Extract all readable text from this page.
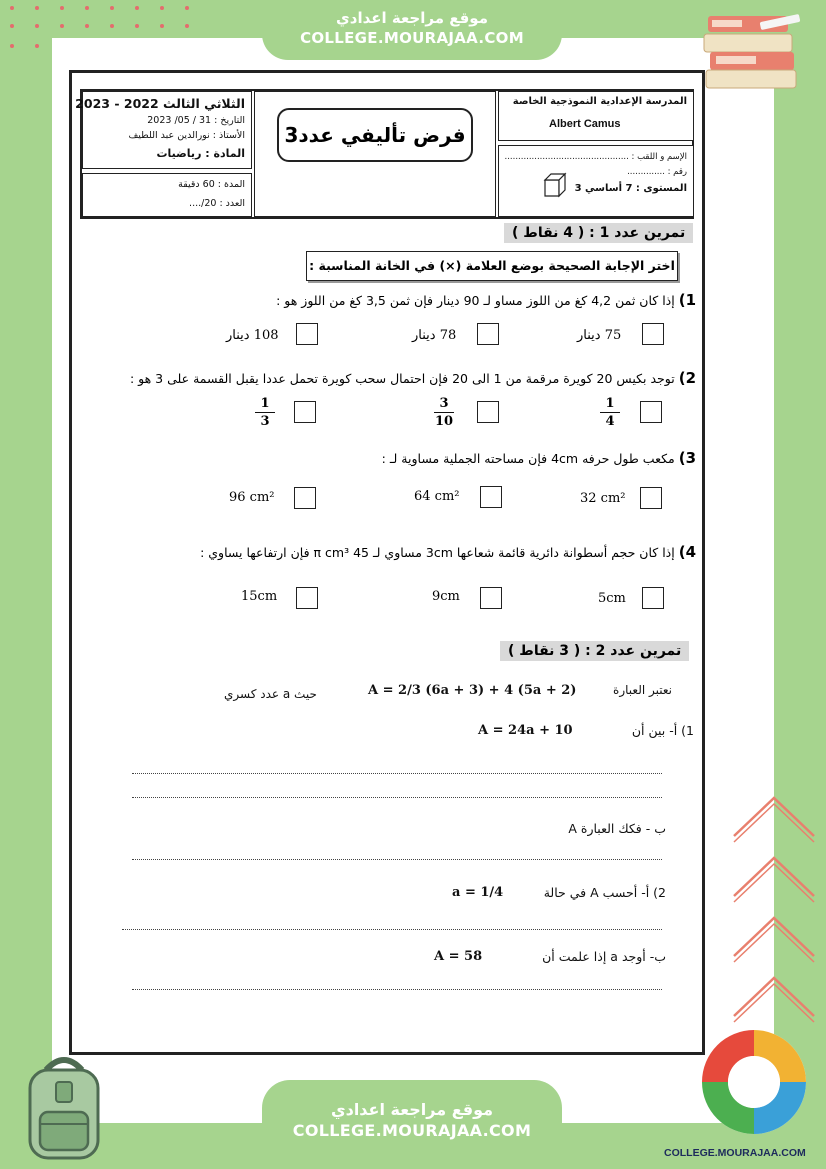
موقع مراجعة اعدادي
COLLEGE.MOURAJAA.COM
الثلاثي الثالث 2022 - 2023
التاريخ : 31 / 05/ 2023
الأستاذ : نورالدين عبد اللطيف
المادة : رياضيات
المدة : 60 دقيقة
العدد : 20/....
فرض تأليفي عدد3
المدرسة الإعدادية النموذجية الخاصة
Albert Camus
الإسم و اللقب : ..............................................
رقم : ..............
المستوى : 7 أساسي 3
تمرين عدد 1 : ( 4 نقاط )
اختر الإجابة الصحيحة بوضع العلامة (×) في الخانة المناسبة :
1) إذا كان ثمن 4,2 كغ من اللوز مساو لـ 90 دينار فإن ثمن 3,5 كغ من اللوز هو :
75 دينار
78 دينار
108 دينار
2) توجد بكيس 20 كويرة مرقمة من 1 الى 20 فإن احتمال سحب كويرة تحمل عددا يقبل القسمة على 3 هو :
$\frac{1}{4}$
$\frac{3}{10}$
$\frac{1}{3}$
3) مكعب طول حرفه 4cm فإن مساحته الجملية مساوية لـ :
32 cm²
64 cm²
96 cm²
4) إذا كان حجم أسطوانة دائرية قائمة شعاعها 3cm مساوي لـ 45 π cm³ فإن ارتفاعها يساوي :
5cm
9cm
15cm
تمرين عدد 2 : ( 3 نقاط )
نعتبر العبارة
A = 2/3 (6a + 3) + 4 (5a + 2)
حيث a عدد كسري
1) أ- بين أن
A = 24a + 10
ب - فكك العبارة A
2) أ- أحسب A في حالة
a = 1/4
ب- أوجد a إذا علمت أن
A = 58
موقع مراجعة اعدادي
COLLEGE.MOURAJAA.COM
COLLEGE.MOURAJAA.COM
